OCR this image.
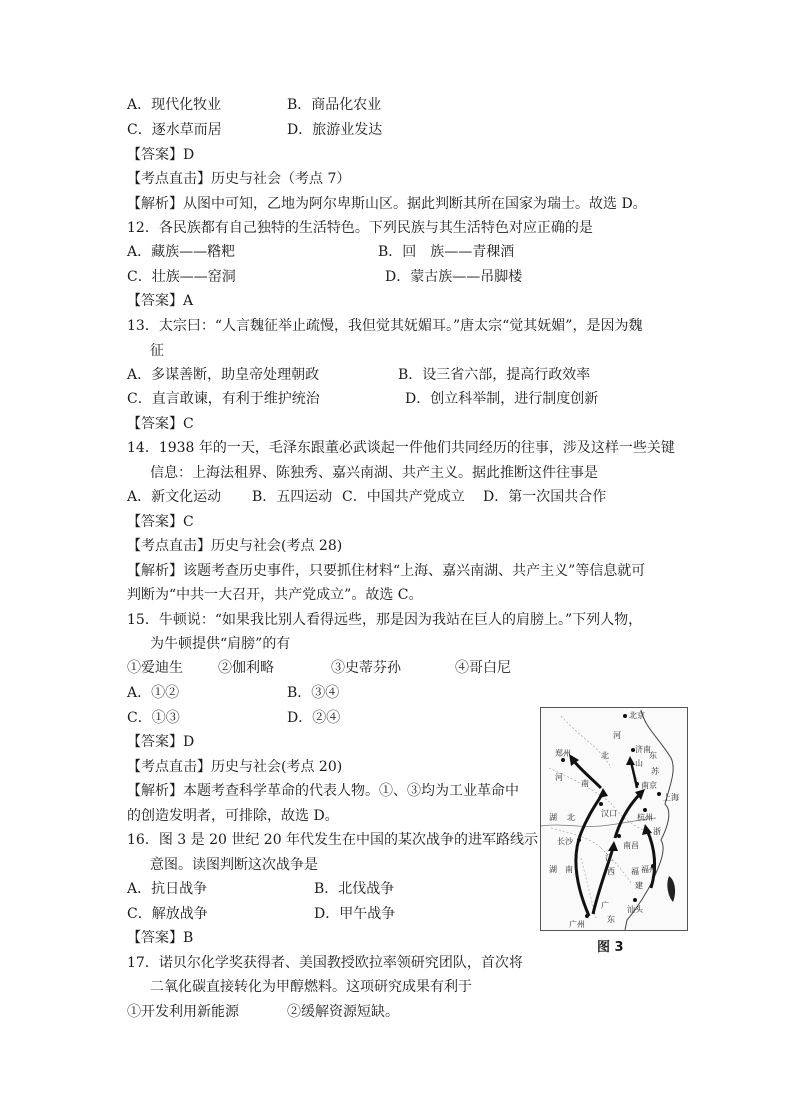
A．现代化牧业	B．商品化农业
C．逐水草而居	D．旅游业发达
【答案】D
【考点直击】历史与社会（考点 7）
【解析】从图中可知，乙地为阿尔卑斯山区。据此判断其所在国家为瑞士。故选 D。
12．各民族都有自己独特的生活特色。下列民族与其生活特色对应正确的是
A．藏族——糌粑	B．回　族——青稞酒
C．壮族——窑洞	D．蒙古族——吊脚楼
【答案】A
13．太宗曰：“人言魏征举止疏慢，我但觉其妩媚耳。”唐太宗“觉其妩媚”，是因为魏
征
A．多谋善断，助皇帝处理朝政	B．设三省六部，提高行政效率
C．直言敢谏，有利于维护统治	D．创立科举制，进行制度创新
【答案】C
14．1938 年的一天，毛泽东跟董必武谈起一件他们共同经历的往事，涉及这样一些关键
信息：上海法租界、陈独秀、嘉兴南湖、共产主义。据此推断这件往事是
A．新文化运动 B．五四运动 C．中国共产党成立 D．第一次国共合作
【答案】C
【考点直击】历史与社会(考点 28)
【解析】该题考查历史事件，只要抓住材料“上海、嘉兴南湖、共产主义”等信息就可
判断为“中共一大召开，共产党成立”。故选 C。
15．牛顿说：“如果我比别人看得远些，那是因为我站在巨人的肩膀上。”下列人物，
为牛顿提供“肩膀”的有
①爱迪生	②伽利略	③史蒂芬孙	④哥白尼
A．①②	B．③④
C．①③	D．②④
【答案】D
【考点直击】历史与社会(考点 20)
【解析】本题考查科学革命的代表人物。①、③均为工业革命中
的创造发明者，可排除，故选 D。
16．图 3 是 20 世纪 20 年代发生在中国的某次战争的进军路线示
意图。读图判断这次战争是
A．抗日战争	B．北伐战争
C．解放战争	D．甲午战争
【答案】B
17．诺贝尔化学奖获得者、美国教授欧拉率领研究团队，首次将
二氧化碳直接转化为甲醇燃料。这项研究成果有利于
①开发利用新能源	②缓解资源短缺。
北京
河
北
济南
山
东
郑州
河
南	南京
苏
上海
杭州
浙
汉口
湖 北
南昌
长沙
江
西
湖　南	福
建
福州
广
东
汕头
广州
图 3
